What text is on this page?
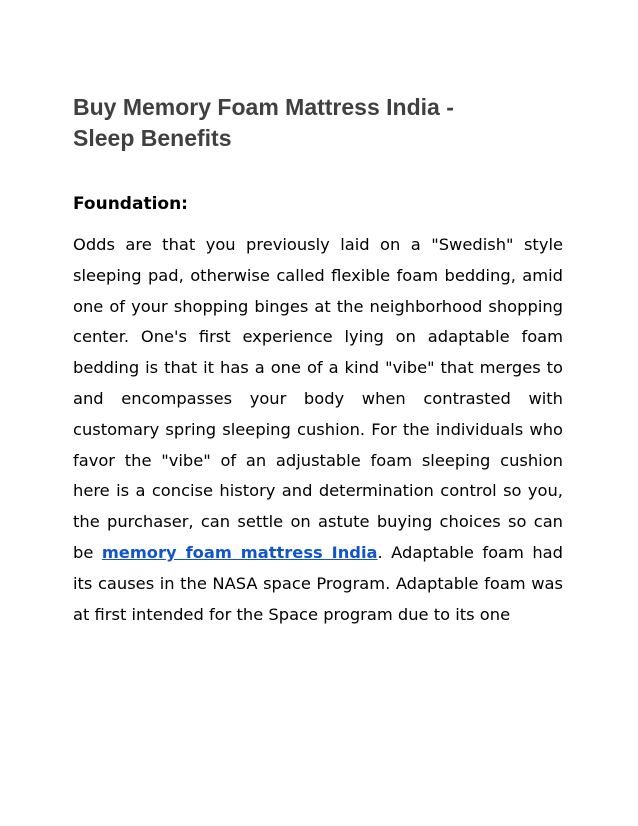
Buy Memory Foam Mattress India -
Sleep Benefits
Foundation:

Odds are that you previously laid on a "Swedish" style sleeping pad, otherwise called flexible foam bedding, amid one of your shopping binges at the neighborhood shopping center. One's first experience lying on adaptable foam bedding is that it has a one of a kind "vibe" that merges to and encompasses your body when contrasted with customary spring sleeping cushion. For the individuals who favor the "vibe" of an adjustable foam sleeping cushion here is a concise history and determination control so you, the purchaser, can settle on astute buying choices so can be memory foam mattress India. Adaptable foam had its causes in the NASA space Program. Adaptable foam was at first intended for the Space program due to its one
